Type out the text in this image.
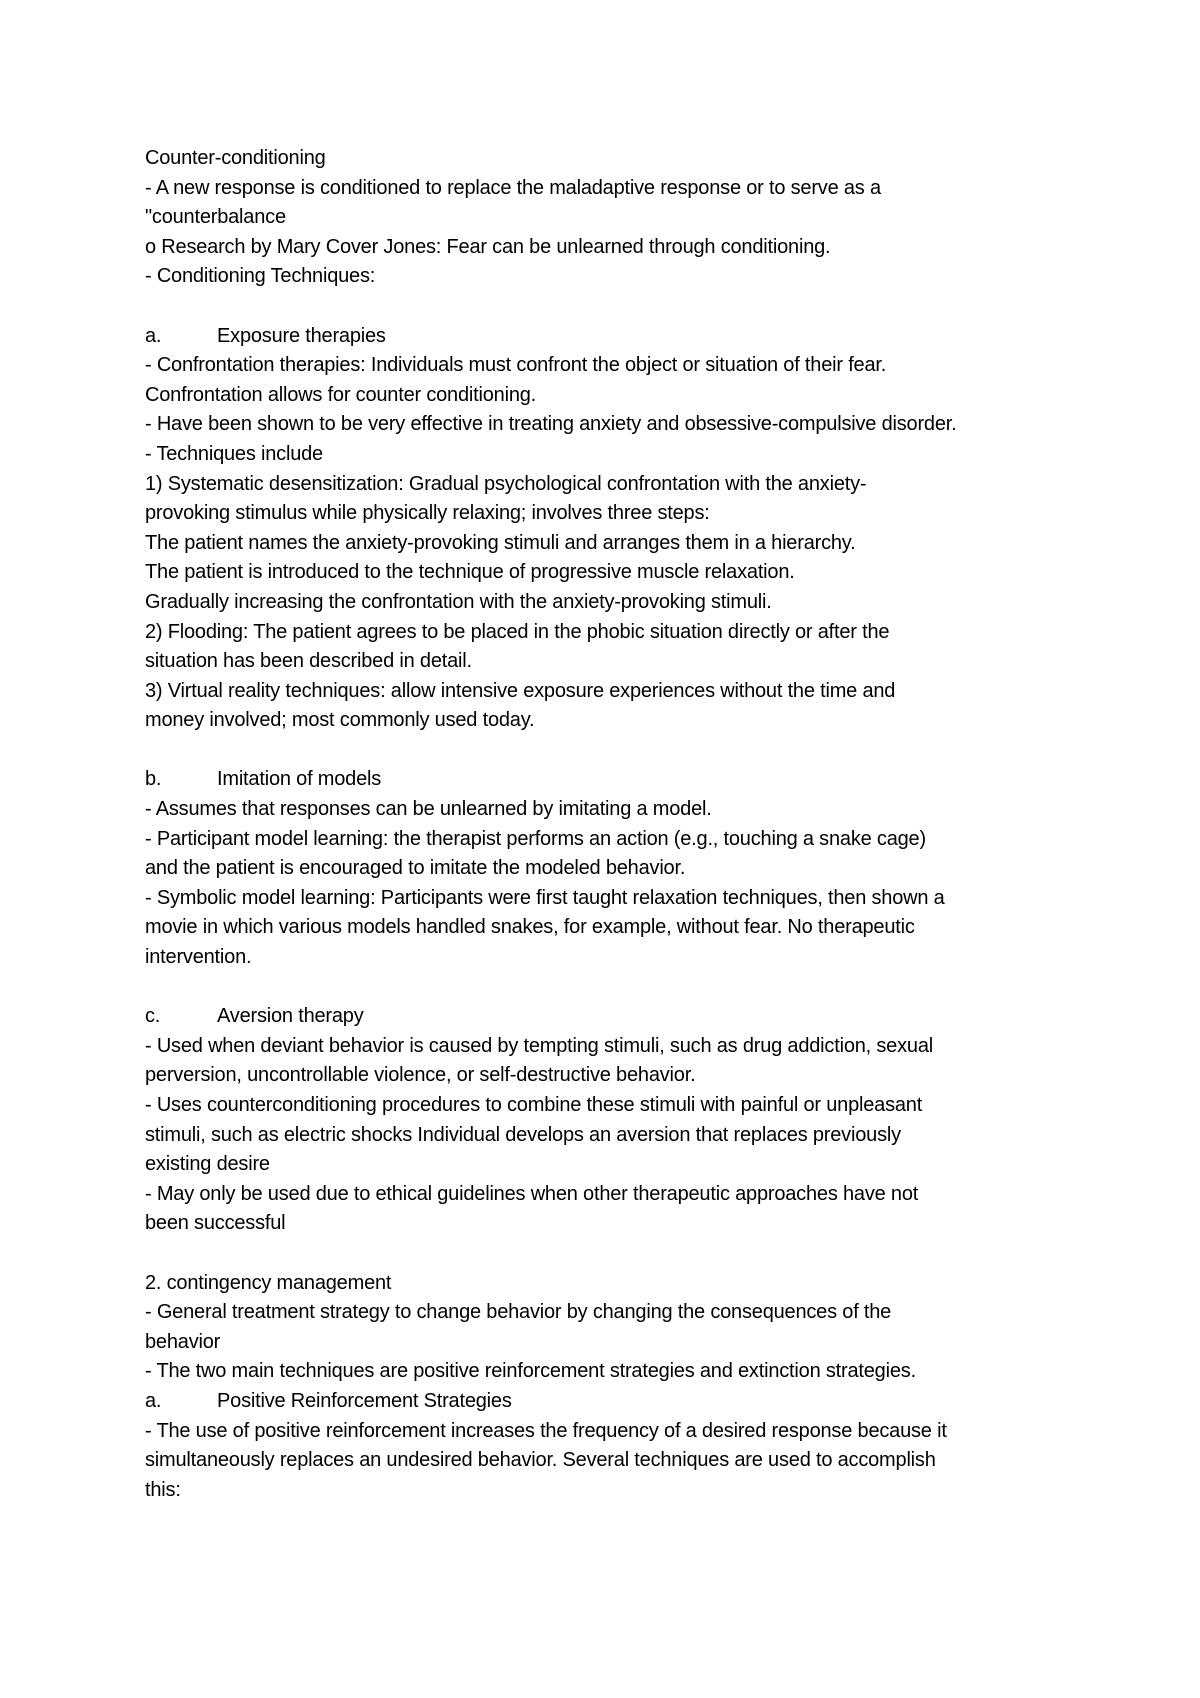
Counter-conditioning
- A new response is conditioned to replace the maladaptive response or to serve as a
"counterbalance
o Research by Mary Cover Jones: Fear can be unlearned through conditioning.
- Conditioning Techniques:
a.	Exposure therapies
- Confrontation therapies: Individuals must confront the object or situation of their fear.
Confrontation allows for counter conditioning.
- Have been shown to be very effective in treating anxiety and obsessive-compulsive disorder.
- Techniques include
1) Systematic desensitization: Gradual psychological confrontation with the anxiety-
provoking stimulus while physically relaxing; involves three steps:
The patient names the anxiety-provoking stimuli and arranges them in a hierarchy.
The patient is introduced to the technique of progressive muscle relaxation.
Gradually increasing the confrontation with the anxiety-provoking stimuli.
2) Flooding: The patient agrees to be placed in the phobic situation directly or after the
situation has been described in detail.
3) Virtual reality techniques: allow intensive exposure experiences without the time and
money involved; most commonly used today.
b.	Imitation of models
- Assumes that responses can be unlearned by imitating a model.
- Participant model learning: the therapist performs an action (e.g., touching a snake cage)
and the patient is encouraged to imitate the modeled behavior.
- Symbolic model learning: Participants were first taught relaxation techniques, then shown a
movie in which various models handled snakes, for example, without fear. No therapeutic
intervention.
c.	Aversion therapy
- Used when deviant behavior is caused by tempting stimuli, such as drug addiction, sexual
perversion, uncontrollable violence, or self-destructive behavior.
- Uses counterconditioning procedures to combine these stimuli with painful or unpleasant
stimuli, such as electric shocks Individual develops an aversion that replaces previously
existing desire
- May only be used due to ethical guidelines when other therapeutic approaches have not
been successful
2. contingency management
- General treatment strategy to change behavior by changing the consequences of the
behavior
- The two main techniques are positive reinforcement strategies and extinction strategies.
a.	Positive Reinforcement Strategies
- The use of positive reinforcement increases the frequency of a desired response because it
simultaneously replaces an undesired behavior. Several techniques are used to accomplish
this:
